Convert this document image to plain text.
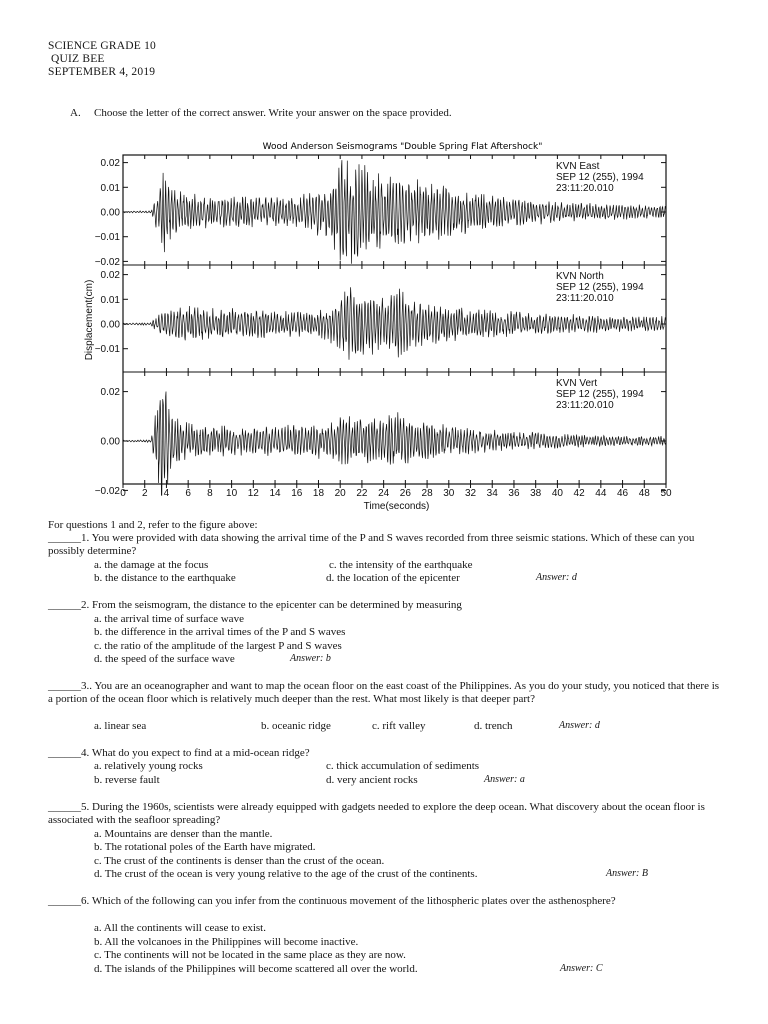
SCIENCE GRADE 10
QUIZ BEE
SEPTEMBER 4, 2019
A. Choose the letter of the correct answer. Write your answer on the space provided.
Wood Anderson Seismograms "Double Spring Flat Aftershock"
Displacement(cm)
0.02
0.01
0.00
−0.01
−0.02
KVN East
SEP 12 (255), 1994
23:11:20.010
0.02
0.01
0.00
−0.01
KVN North
SEP 12 (255), 1994
23:11:20.010
0.02
0.00
−0.02
KVN Vert
SEP 12 (255), 1994
23:11:20.010
0 2 4 6 8 10 12 14 16 18 20 22 24 26 28 30 32 34 36 38 40 42 44 46 48 50
Time(seconds)
For questions 1 and 2, refer to the figure above:
______1. You were provided with data showing the arrival time of the P and S waves recorded from three seismic stations. Which of these can you possibly determine?
a. the damage at the focus	c. the intensity of the earthquake
b. the distance to the earthquake	d. the location of the epicenter	Answer: d
______2. From the seismogram, the distance to the epicenter can be determined by measuring
a. the arrival time of surface wave
b. the difference in the arrival times of the P and S waves
c. the ratio of the amplitude of the largest P and S waves
d. the speed of the surface wave	Answer: b
______3.. You are an oceanographer and want to map the ocean floor on the east coast of the Philippines. As you do your study, you noticed that there is a portion of the ocean floor which is relatively much deeper than the rest. What most likely is that deeper part?
a. linear sea	b. oceanic ridge	c. rift valley	d. trench	Answer: d
______4. What do you expect to find at a mid-ocean ridge?
a. relatively young rocks	c. thick accumulation of sediments
b. reverse fault	d. very ancient rocks	Answer: a
______5. During the 1960s, scientists were already equipped with gadgets needed to explore the deep ocean. What discovery about the ocean floor is associated with the seafloor spreading?
a. Mountains are denser than the mantle.
b. The rotational poles of the Earth have migrated.
c. The crust of the continents is denser than the crust of the ocean.
d. The crust of the ocean is very young relative to the age of the crust of the continents.	Answer: B
______6. Which of the following can you infer from the continuous movement of the lithospheric plates over the asthenosphere?
a. All the continents will cease to exist.
b. All the volcanoes in the Philippines will become inactive.
c. The continents will not be located in the same place as they are now.
d. The islands of the Philippines will become scattered all over the world.	Answer: C
